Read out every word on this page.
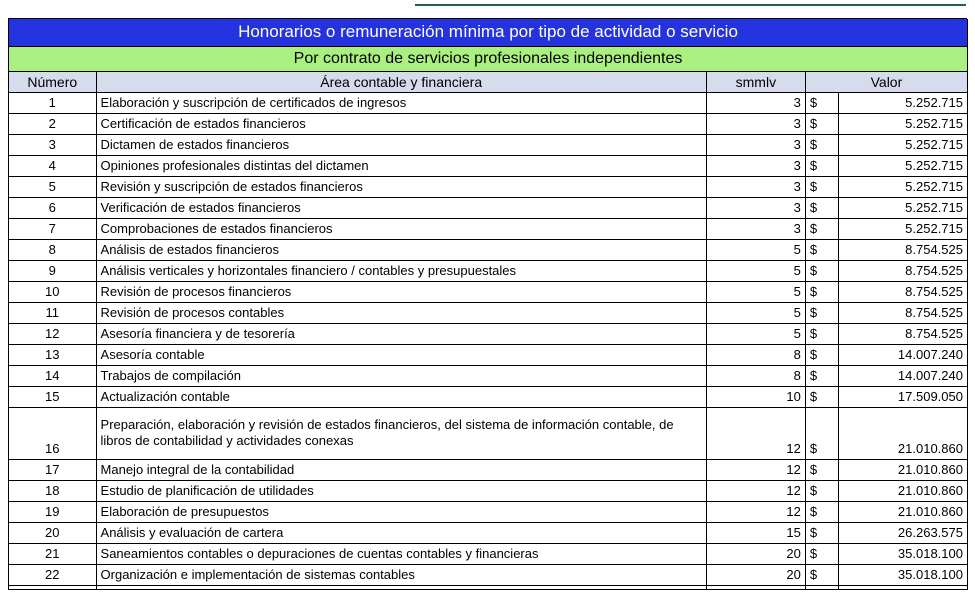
Honorarios o remuneración mínima por tipo de actividad o servicio				
Por contrato de servicios profesionales independientes				
Número	Área contable y financiera	smmlv	Valor	
1	Elaboración y suscripción de certificados de ingresos	3	$	5.252.715
2	Certificación de estados financieros	3	$	5.252.715
3	Dictamen de estados financieros	3	$	5.252.715
4	Opiniones profesionales distintas del dictamen	3	$	5.252.715
5	Revisión y suscripción de estados financieros	3	$	5.252.715
6	Verificación de estados financieros	3	$	5.252.715
7	Comprobaciones de estados financieros	3	$	5.252.715
8	Análisis de estados financieros	5	$	8.754.525
9	Análisis verticales y horizontales financiero / contables y presupuestales	5	$	8.754.525
10	Revisión de procesos financieros	5	$	8.754.525
11	Revisión de procesos contables	5	$	8.754.525
12	Asesoría financiera y de tesorería	5	$	8.754.525
13	Asesoría contable	8	$	14.007.240
14	Trabajos de compilación	8	$	14.007.240
15	Actualización contable	10	$	17.509.050
16	Preparación, elaboración y revisión de estados financieros, del sistema de información contable, de libros de contabilidad y actividades conexas	12	$	21.010.860
17	Manejo integral de la contabilidad	12	$	21.010.860
18	Estudio de planificación de utilidades	12	$	21.010.860
19	Elaboración de presupuestos	12	$	21.010.860
20	Análisis y evaluación de cartera	15	$	26.263.575
21	Saneamientos contables o depuraciones de cuentas contables y financieras	20	$	35.018.100
22	Organización e implementación de sistemas contables	20	$	35.018.100
